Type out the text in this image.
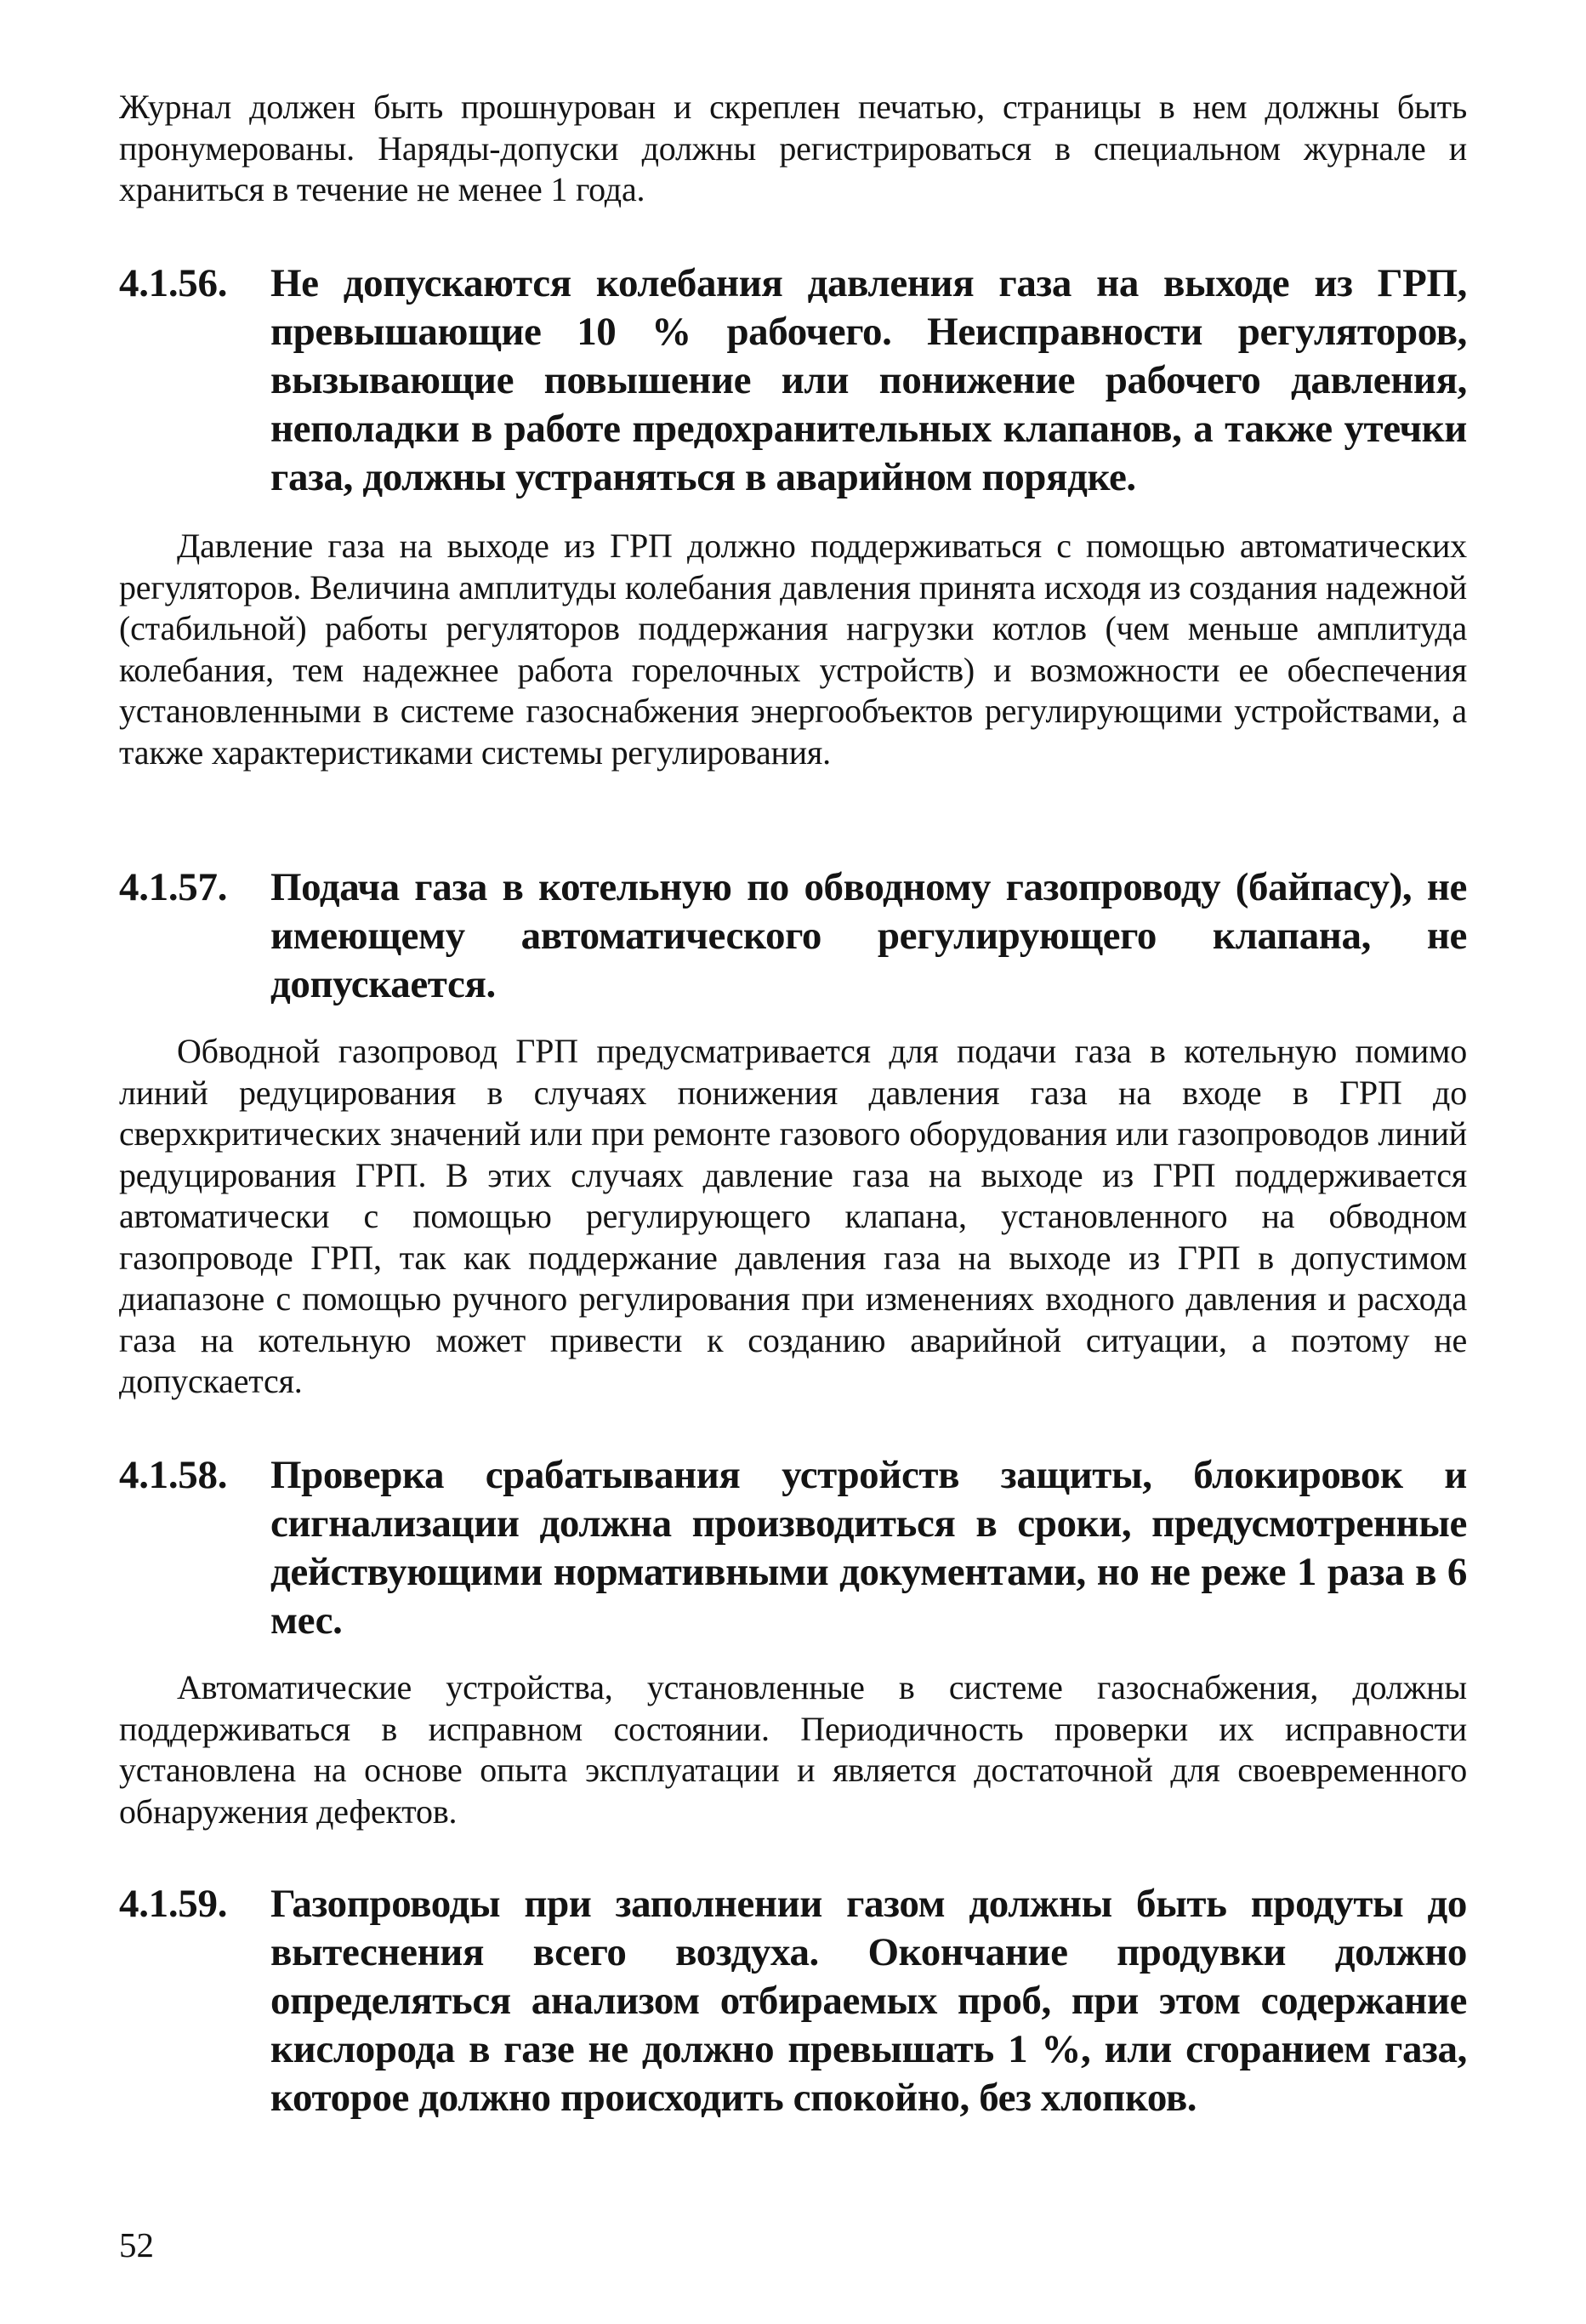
Журнал должен быть прошнурован и скреплен печатью, страницы в нем должны быть пронумерованы. Наряды-допуски должны регистрироваться в специальном журнале и храниться в течение не менее 1 года.

4.1.56.	Не допускаются колебания давления газа на выходе из ГРП, превышающие 10 % рабочего. Неисправности регуляторов, вызывающие повышение или понижение рабочего давления, неполадки в работе предохранительных клапанов, а также утечки газа, должны устраняться в аварийном порядке.

Давление газа на выходе из ГРП должно поддерживаться с помощью автоматических регуляторов. Величина амплитуды колебания давления принята исходя из создания надежной (стабильной) работы регуляторов поддержания нагрузки котлов (чем меньше амплитуда колебания, тем надежнее работа горелочных устройств) и возможности ее обеспечения установленными в системе газоснабжения энергообъектов регулирующими устройствами, а также характеристиками системы регулирования.

4.1.57.	Подача газа в котельную по обводному газопроводу (байпасу), не имеющему автоматического регулирующего клапана, не допускается.

Обводной газопровод ГРП предусматривается для подачи газа в котельную помимо линий редуцирования в случаях понижения давления газа на входе в ГРП до сверхкритических значений или при ремонте газового оборудования или газопроводов линий редуцирования ГРП. В этих случаях давление газа на выходе из ГРП поддерживается автоматически с помощью регулирующего клапана, установленного на обводном газопроводе ГРП, так как поддержание давления газа на выходе из ГРП в допустимом диапазоне с помощью ручного регулирования при изменениях входного давления и расхода газа на котельную может привести к созданию аварийной ситуации, а поэтому не допускается.

4.1.58.	Проверка срабатывания устройств защиты, блокировок и сигнализации должна производиться в сроки, предусмотренные действующими нормативными документами, но не реже 1 раза в 6 мес.

Автоматические устройства, установленные в системе газоснабжения, должны поддерживаться в исправном состоянии. Периодичность проверки их исправности установлена на основе опыта эксплуатации и является достаточной для своевременного обнаружения дефектов.

4.1.59.	Газопроводы при заполнении газом должны быть продуты до вытеснения всего воздуха. Окончание продувки должно определяться анализом отбираемых проб, при этом содержание кислорода в газе не должно превышать 1 %, или сгоранием газа, которое должно происходить спокойно, без хлопков.

52
